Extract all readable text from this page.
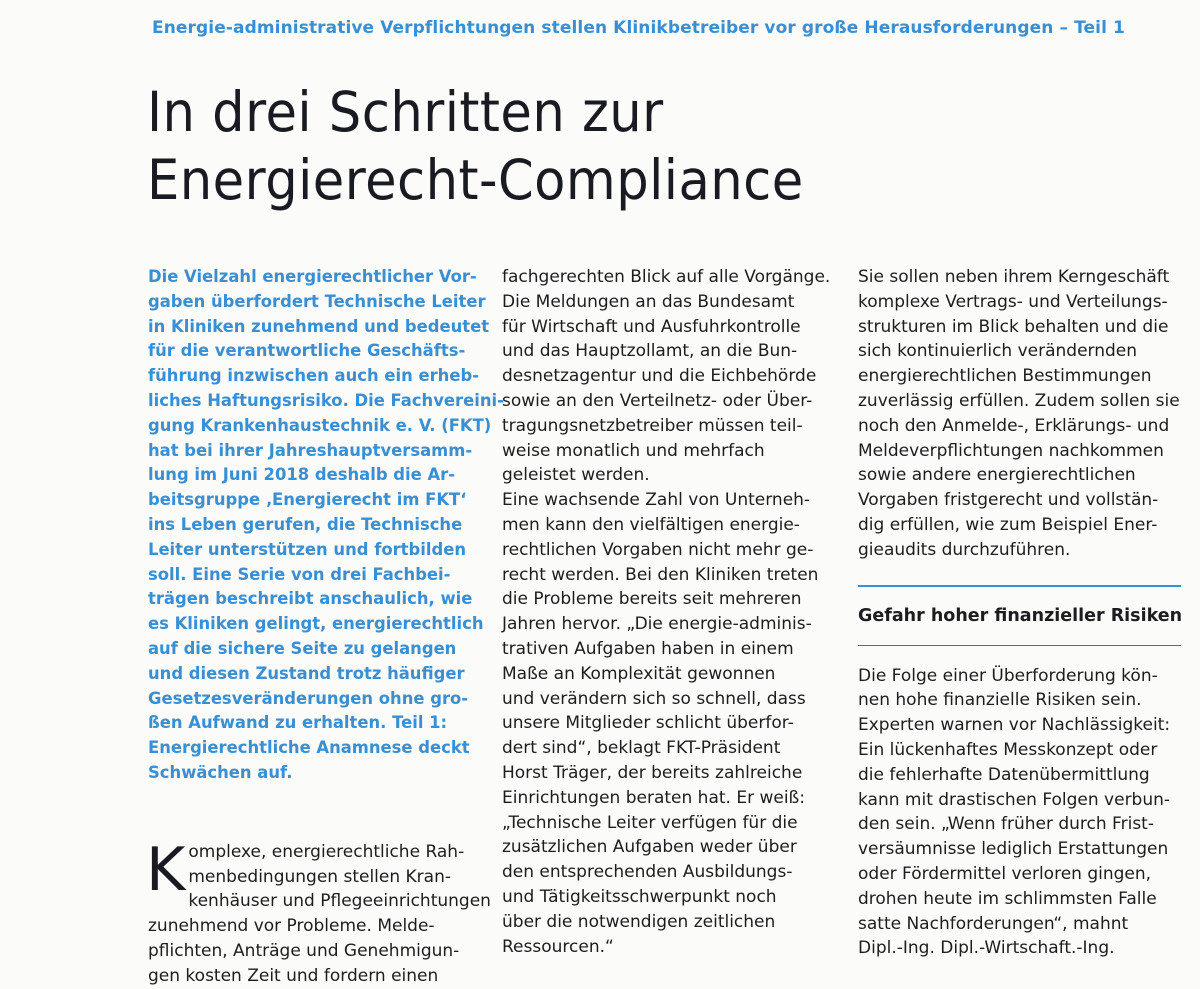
Energie-administrative Verpflichtungen stellen Klinikbetreiber vor große Herausforderungen – Teil 1
In drei Schritten zur
Energierecht-Compliance
Die Vielzahl energierechtlicher Vor-
gaben überfordert Technische Leiter
in Kliniken zunehmend und bedeutet
für die verantwortliche Geschäfts-
führung inzwischen auch ein erheb-
liches Haftungsrisiko. Die Fachvereini-
gung Krankenhaustechnik e. V. (FKT)
hat bei ihrer Jahreshauptversamm-
lung im Juni 2018 deshalb die Ar-
beitsgruppe ‚Energierecht im FKT‘
ins Leben gerufen, die Technische
Leiter unterstützen und fortbilden
soll. Eine Serie von drei Fachbei-
trägen beschreibt anschaulich, wie
es Kliniken gelingt, energierechtlich
auf die sichere Seite zu gelangen
und diesen Zustand trotz häufiger
Gesetzesveränderungen ohne gro-
ßen Aufwand zu erhalten. Teil 1:
Energierechtliche Anamnese deckt
Schwächen auf.
K omplexe, energierechtliche Rah-
menbedingungen stellen Kran-
kenhäuser und Pflegeeinrichtungen
zunehmend vor Probleme. Melde-
pflichten, Anträge und Genehmigun-
gen kosten Zeit und fordern einen
fachgerechten Blick auf alle Vorgänge.
Die Meldungen an das Bundesamt
für Wirtschaft und Ausfuhrkontrolle
und das Hauptzollamt, an die Bun-
desnetzagentur und die Eichbehörde
sowie an den Verteilnetz- oder Über-
tragungsnetzbetreiber müssen teil-
weise monatlich und mehrfach
geleistet werden.
Eine wachsende Zahl von Unterneh-
men kann den vielfältigen energie-
rechtlichen Vorgaben nicht mehr ge-
recht werden. Bei den Kliniken treten
die Probleme bereits seit mehreren
Jahren hervor. „Die energie-adminis-
trativen Aufgaben haben in einem
Maße an Komplexität gewonnen
und verändern sich so schnell, dass
unsere Mitglieder schlicht überfor-
dert sind“, beklagt FKT-Präsident
Horst Träger, der bereits zahlreiche
Einrichtungen beraten hat. Er weiß:
„Technische Leiter verfügen für die
zusätzlichen Aufgaben weder über
den entsprechenden Ausbildungs-
und Tätigkeitsschwerpunkt noch
über die notwendigen zeitlichen
Ressourcen.“
Sie sollen neben ihrem Kerngeschäft
komplexe Vertrags- und Verteilungs-
strukturen im Blick behalten und die
sich kontinuierlich verändernden
energierechtlichen Bestimmungen
zuverlässig erfüllen. Zudem sollen sie
noch den Anmelde-, Erklärungs- und
Meldeverpflichtungen nachkommen
sowie andere energierechtlichen
Vorgaben fristgerecht und vollstän-
dig erfüllen, wie zum Beispiel Ener-
gieaudits durchzuführen.
Gefahr hoher finanzieller Risiken
Die Folge einer Überforderung kön-
nen hohe finanzielle Risiken sein.
Experten warnen vor Nachlässigkeit:
Ein lückenhaftes Messkonzept oder
die fehlerhafte Datenübermittlung
kann mit drastischen Folgen verbun-
den sein. „Wenn früher durch Frist-
versäumnisse lediglich Erstattungen
oder Fördermittel verloren gingen,
drohen heute im schlimmsten Falle
satte Nachforderungen“, mahnt
Dipl.-Ing. Dipl.-Wirtschaft.-Ing.
